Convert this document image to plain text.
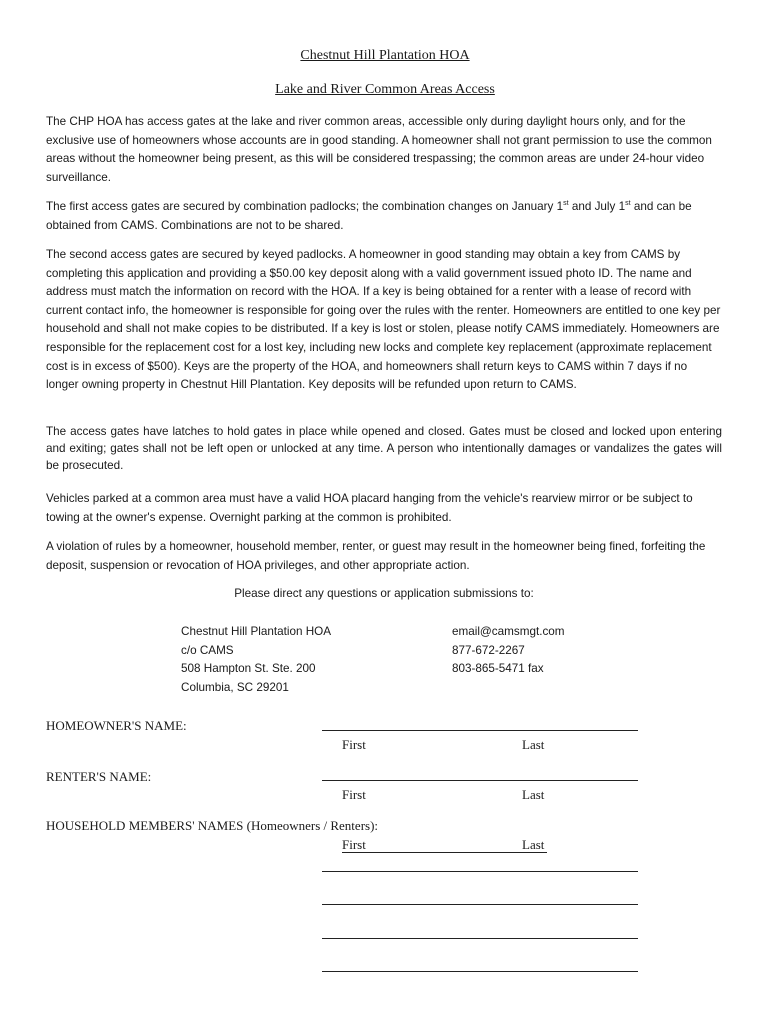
Chestnut Hill Plantation HOA
Lake and River Common Areas Access

The CHP HOA has access gates at the lake and river common areas, accessible only during daylight hours only, and for the exclusive use of homeowners whose accounts are in good standing. A homeowner shall not grant permission to use the common areas without the homeowner being present, as this will be considered trespassing; the common areas are under 24-hour video surveillance.

The first access gates are secured by combination padlocks; the combination changes on January 1st and July 1st and can be obtained from CAMS. Combinations are not to be shared.

The second access gates are secured by keyed padlocks. A homeowner in good standing may obtain a key from CAMS by completing this application and providing a $50.00 key deposit along with a valid government issued photo ID. The name and address must match the information on record with the HOA. If a key is being obtained for a renter with a lease of record with current contact info, the homeowner is responsible for going over the rules with the renter. Homeowners are entitled to one key per household and shall not make copies to be distributed. If a key is lost or stolen, please notify CAMS immediately. Homeowners are responsible for the replacement cost for a lost key, including new locks and complete key replacement (approximate replacement cost is in excess of $500). Keys are the property of the HOA, and homeowners shall return keys to CAMS within 7 days if no longer owning property in Chestnut Hill Plantation. Key deposits will be refunded upon return to CAMS.

The access gates have latches to hold gates in place while opened and closed. Gates must be closed and locked upon entering and exiting; gates shall not be left open or unlocked at any time. A person who intentionally damages or vandalizes the gates will be prosecuted.

Vehicles parked at a common area must have a valid HOA placard hanging from the vehicle's rearview mirror or be subject to towing at the owner's expense. Overnight parking at the common is prohibited.

A violation of rules by a homeowner, household member, renter, or guest may result in the homeowner being fined, forfeiting the deposit, suspension or revocation of HOA privileges, and other appropriate action.

Please direct any questions or application submissions to:

Chestnut Hill Plantation HOA
c/o CAMS
508 Hampton St. Ste. 200
Columbia, SC 29201
email@camsmgt.com
877-672-2267
803-865-5471 fax
HOMEOWNER'S NAME:
First	Last
RENTER'S NAME:
First	Last
HOUSEHOLD MEMBERS' NAMES (Homeowners / Renters):
First	Last
